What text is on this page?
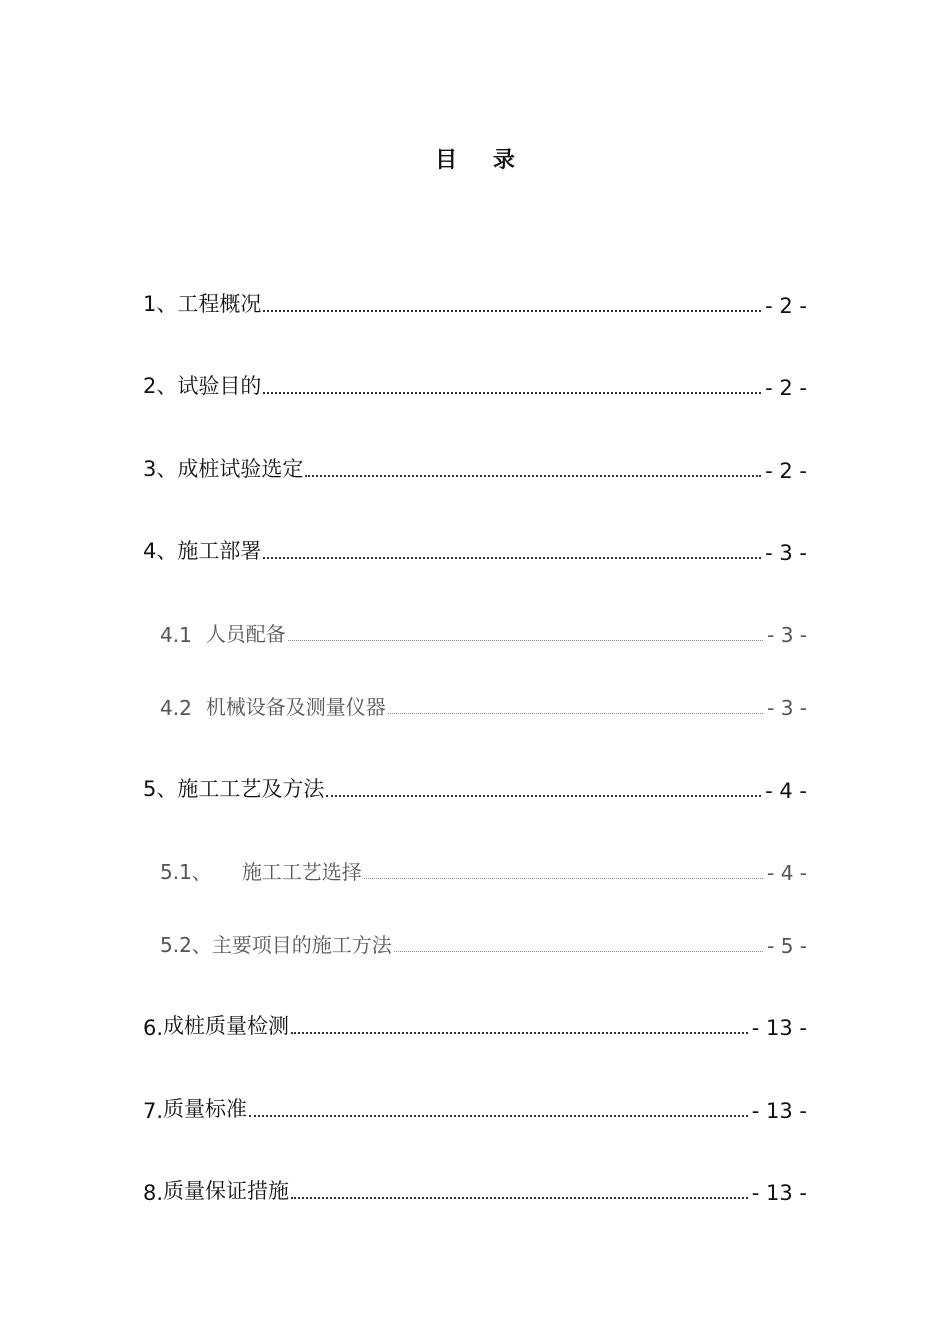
目 录
1、 工程概况	- 2 -
2、 试验目的	- 2 -
3、 成桩试验选定	- 2 -
4、 施工部署	- 3 -
4.1 人员配备	- 3 -
4.2 机械设备及测量仪器	- 3 -
5、 施工工艺及方法	- 4 -
5.1、 施工工艺选择	- 4 -
5.2、 主要项目的施工方法	- 5 -
6. 成桩质量检测	- 13 -
7. 质量标准	- 13 -
8. 质量保证措施	- 13 -
